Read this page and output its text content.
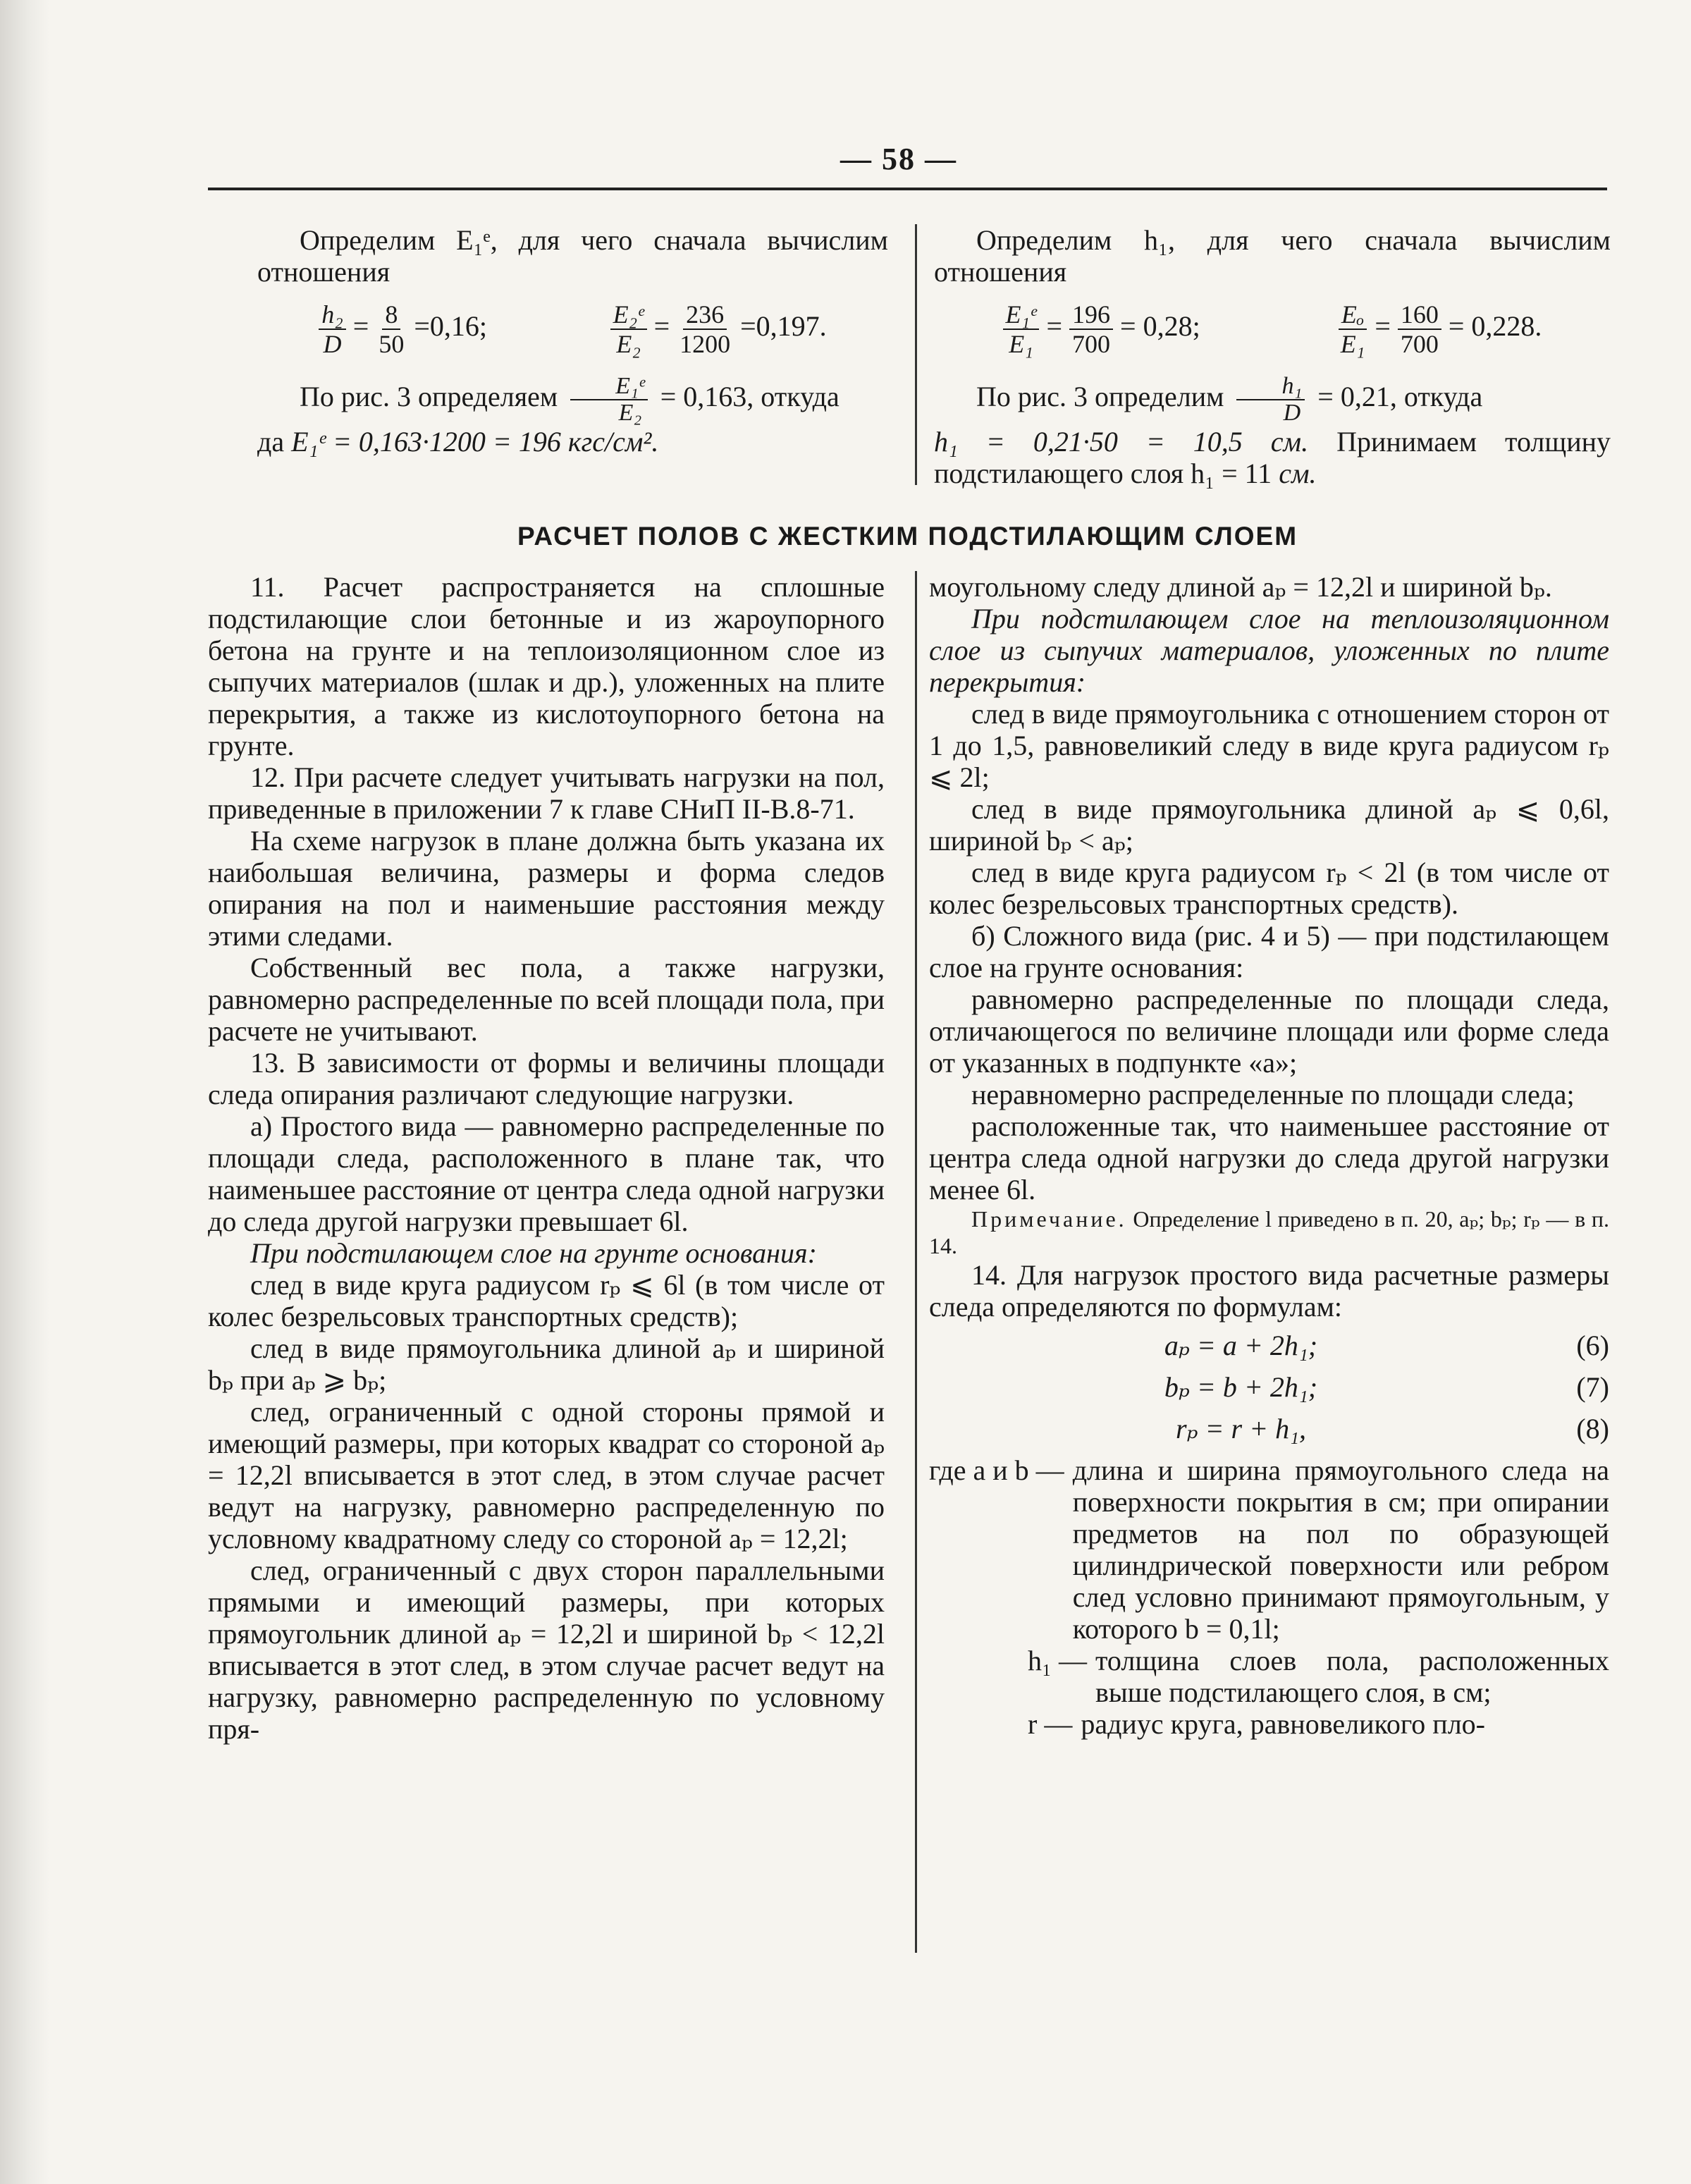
— 58 —

Определим E₁ᵉ, для чего сначала вычислим отношения

$\frac{\text{h₂}}{D} = \frac{8}{50} =0,16$;	$\frac{\text{E₂ᵉ}}{\text{E₂}} = \frac{236}{1200} =0,197$.

По рис. 3 определяем $\frac{\text{E₁ᵉ}}{\text{E₂}} = 0,163$, откуда

да E₁ᵉ = 0,163·1200 = 196 кгс/см².

Определим h₁, для чего сначала вычислим отношения

$\frac{\text{E₁ᵉ}}{\text{E₁}} = \frac{196}{700} = 0,28$;	$\frac{\text{Eₒ}}{\text{E₁}} = \frac{160}{700} = 0,228$.

По рис. 3 определим $\frac{\text{h₁}}{D} = 0,21$, откуда

h₁ = 0,21·50 = 10,5 см. Принимаем толщину подстилающего слоя h₁ = 11 см.

РАСЧЕТ ПОЛОВ С ЖЕСТКИМ ПОДСТИЛАЮЩИМ СЛОЕМ

11. Расчет распространяется на сплошные подстилающие слои бетонные и из жароупорного бетона на грунте и на теплоизоляционном слое из сыпучих материалов (шлак и др.), уложенных на плите перекрытия, а также из кислотоупорного бетона на грунте.

12. При расчете следует учитывать нагрузки на пол, приведенные в приложении 7 к главе СНиП II-В.8-71.

На схеме нагрузок в плане должна быть указана их наибольшая величина, размеры и форма следов опирания на пол и наименьшие расстояния между этими следами.

Собственный вес пола, а также нагрузки, равномерно распределенные по всей площади пола, при расчете не учитывают.

13. В зависимости от формы и величины площади следа опирания различают следующие нагрузки.

а) Простого вида — равномерно распределенные по площади следа, расположенного в плане так, что наименьшее расстояние от центра следа одной нагрузки до следа другой нагрузки превышает 6l.

При подстилающем слое на грунте основания:

след в виде круга радиусом rₚ ⩽ 6l (в том числе от колес безрельсовых транспортных средств);

след в виде прямоугольника длиной aₚ и шириной bₚ при aₚ ⩾ bₚ;

след, ограниченный с одной стороны прямой и имеющий размеры, при которых квадрат со стороной aₚ = 12,2l вписывается в этот след, в этом случае расчет ведут на нагрузку, равномерно распределенную по условному квадратному следу со стороной aₚ = 12,2l;

след, ограниченный с двух сторон параллельными прямыми и имеющий размеры, при которых прямоугольник длиной aₚ = 12,2l и шириной bₚ < 12,2l вписывается в этот след, в этом случае расчет ведут на нагрузку, равномерно распределенную по условному пря-

моугольному следу длиной aₚ = 12,2l и шириной bₚ.

При подстилающем слое на теплоизоляционном слое из сыпучих материалов, уложенных по плите перекрытия:

след в виде прямоугольника с отношением сторон от 1 до 1,5, равновеликий следу в виде круга радиусом rₚ ⩽ 2l;

след в виде прямоугольника длиной aₚ ⩽ 0,6l, шириной bₚ < aₚ;

след в виде круга радиусом rₚ < 2l (в том числе от колес безрельсовых транспортных средств).

б) Сложного вида (рис. 4 и 5) — при подстилающем слое на грунте основания:

равномерно распределенные по площади следа, отличающегося по величине площади или форме следа от указанных в подпункте «а»;

неравномерно распределенные по площади следа;

расположенные так, что наименьшее расстояние от центра следа одной нагрузки до следа другой нагрузки менее 6l.

Примечание. Определение l приведено в п. 20, aₚ; bₚ; rₚ — в п. 14.

14. Для нагрузок простого вида расчетные размеры следа определяются по формулам:

aₚ = a + 2h₁;	(6)
bₚ = b + 2h₁;	(7)
rₚ = r + h₁,	(8)
где a и b — длина и ширина прямоугольного следа на поверхности покрытия в см; при опирании предметов на пол по образующей цилиндрической поверхности или ребром след условно принимают прямоугольным, у которого b = 0,1l;
h₁ — толщина слоев пола, расположенных выше подстилающего слоя, в см;
r — радиус круга, равновеликого пло-
